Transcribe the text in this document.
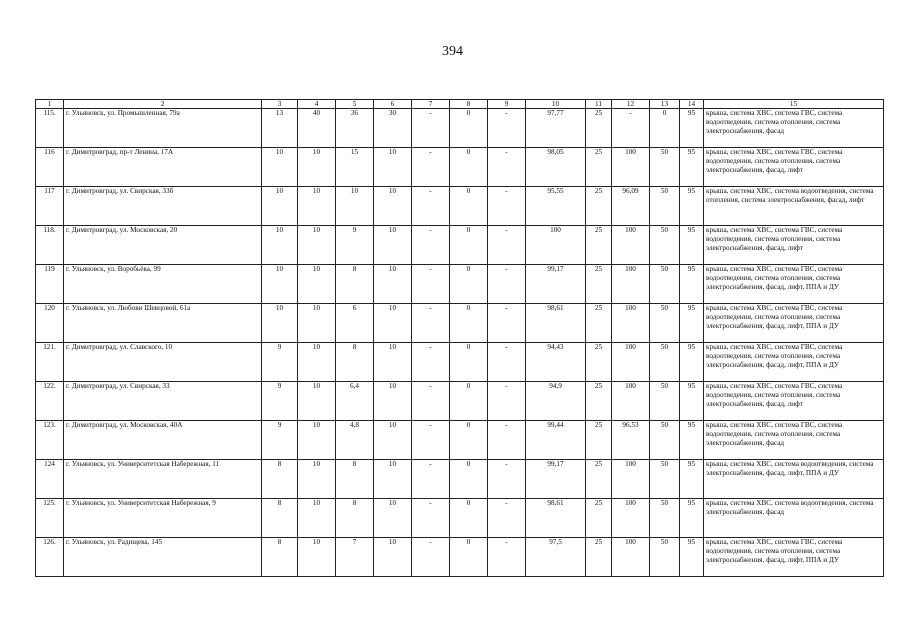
394
1	2	3	4	5	6	7	8	9	10	11	12	13	14	15
115.	г. Ульяновск, ул. Промышленная, 79а	13	40	36	30	-	0	-	97,77	25	-	0	95	крыша, система ХВС, система ГВС, система водоотведения, система отопления, система электроснабжения, фасад
116	г. Димитровград, пр-т Ленина, 17А	10	10	15	10	-	0	-	98,05	25	100	50	95	крыша, система ХВС, система ГВС, система водоотведения, система отопления, система электроснабжения, фасад, лифт
117	г. Димитровград, ул. Свирская, 33б	10	10	10	10	-	0	-	95,55	25	96,09	50	95	крыша, система ХВС, система водоотведения, система отопления, система электроснабжения, фасад, лифт
118.	г. Димитровград, ул. Московская, 20	10	10	9	10	-	0	-	100	25	100	50	95	крыша, система ХВС, система ГВС, система водоотведения, система отопления, система электроснабжения, фасад, лифт
119	г. Ульяновск, ул. Воробьёва, 99	10	10	8	10	-	0	-	99,17	25	100	50	95	крыша, система ХВС, система ГВС, система водоотведения, система отопления, система электроснабжения, фасад, лифт, ППА и ДУ
120	г. Ульяновск, ул. Любови Шевцовой, 61а	10	10	6	10	-	0	-	98,61	25	100	50	95	крыша, система ХВС, система ГВС, система водоотведения, система отопления, система электроснабжения, фасад, лифт, ППА и ДУ
121.	г. Димитровград, ул. Славского, 10	9	10	8	10	-	0	-	94,43	25	100	50	95	крыша, система ХВС, система ГВС, система водоотведения, система отопления, система электроснабжения, фасад, лифт, ППА и ДУ
122.	г. Димитровград, ул. Свирская, 33	9	10	6,4	10	-	0	-	94,9	25	100	50	95	крыша, система ХВС, система ГВС, система водоотведения, система отопления, система электроснабжения, фасад, лифт
123.	г. Димитровград, ул. Московская, 40А	9	10	4,8	10	-	0	-	99,44	25	96,53	50	95	крыша, система ХВС, система ГВС, система водоотведения, система отопления, система электроснабжения, фасад
124	г. Ульяновск, ул. Университетская Набережная, 11	8	10	8	10	-	0	-	99,17	25	100	50	95	крыша, система ХВС, система водоотведения, система электроснабжения, фасад, лифт, ППА и ДУ
125.	г. Ульяновск, ул. Университетская Набережная, 9	8	10	8	10	-	0	-	98,61	25	100	50	95	крыша, система ХВС, система водоотведения, система электроснабжения, фасад
126.	г. Ульяновск, ул. Радищева, 145	8	10	7	10	-	0	-	97,5	25	100	50	95	крыша, система ХВС, система ГВС, система водоотведения, система отопления, система электроснабжения, фасад, лифт, ППА и ДУ
